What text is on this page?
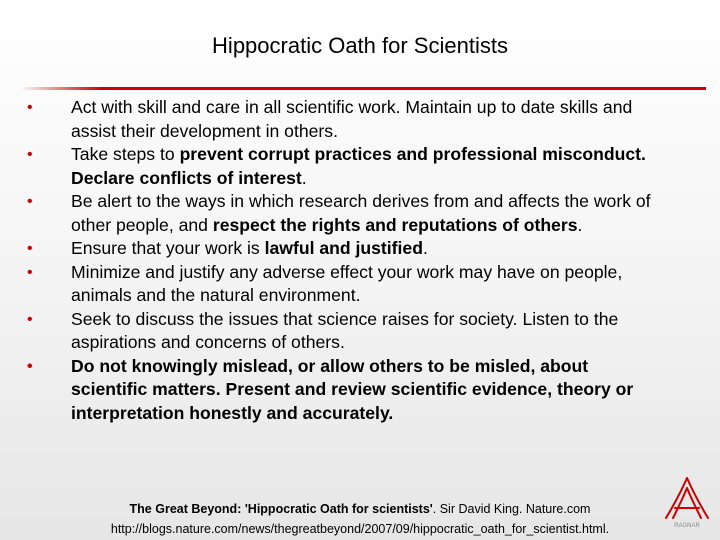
Hippocratic Oath for Scientists
• Act with skill and care in all scientific work. Maintain up to date skills and assist their development in others.
• Take steps to prevent corrupt practices and professional misconduct. Declare conflicts of interest.
• Be alert to the ways in which research derives from and affects the work of other people, and respect the rights and reputations of others.
• Ensure that your work is lawful and justified.
• Minimize and justify any adverse effect your work may have on people, animals and the natural environment.
• Seek to discuss the issues that science raises for society. Listen to the aspirations and concerns of others.
• Do not knowingly mislead, or allow others to be misled, about scientific matters. Present and review scientific evidence, theory or interpretation honestly and accurately.
The Great Beyond: 'Hippocratic Oath for scientists'. Sir David King. Nature.com
http://blogs.nature.com/news/thegreatbeyond/2007/09/hippocratic_oath_for_scientist.html.	RAGNAR
